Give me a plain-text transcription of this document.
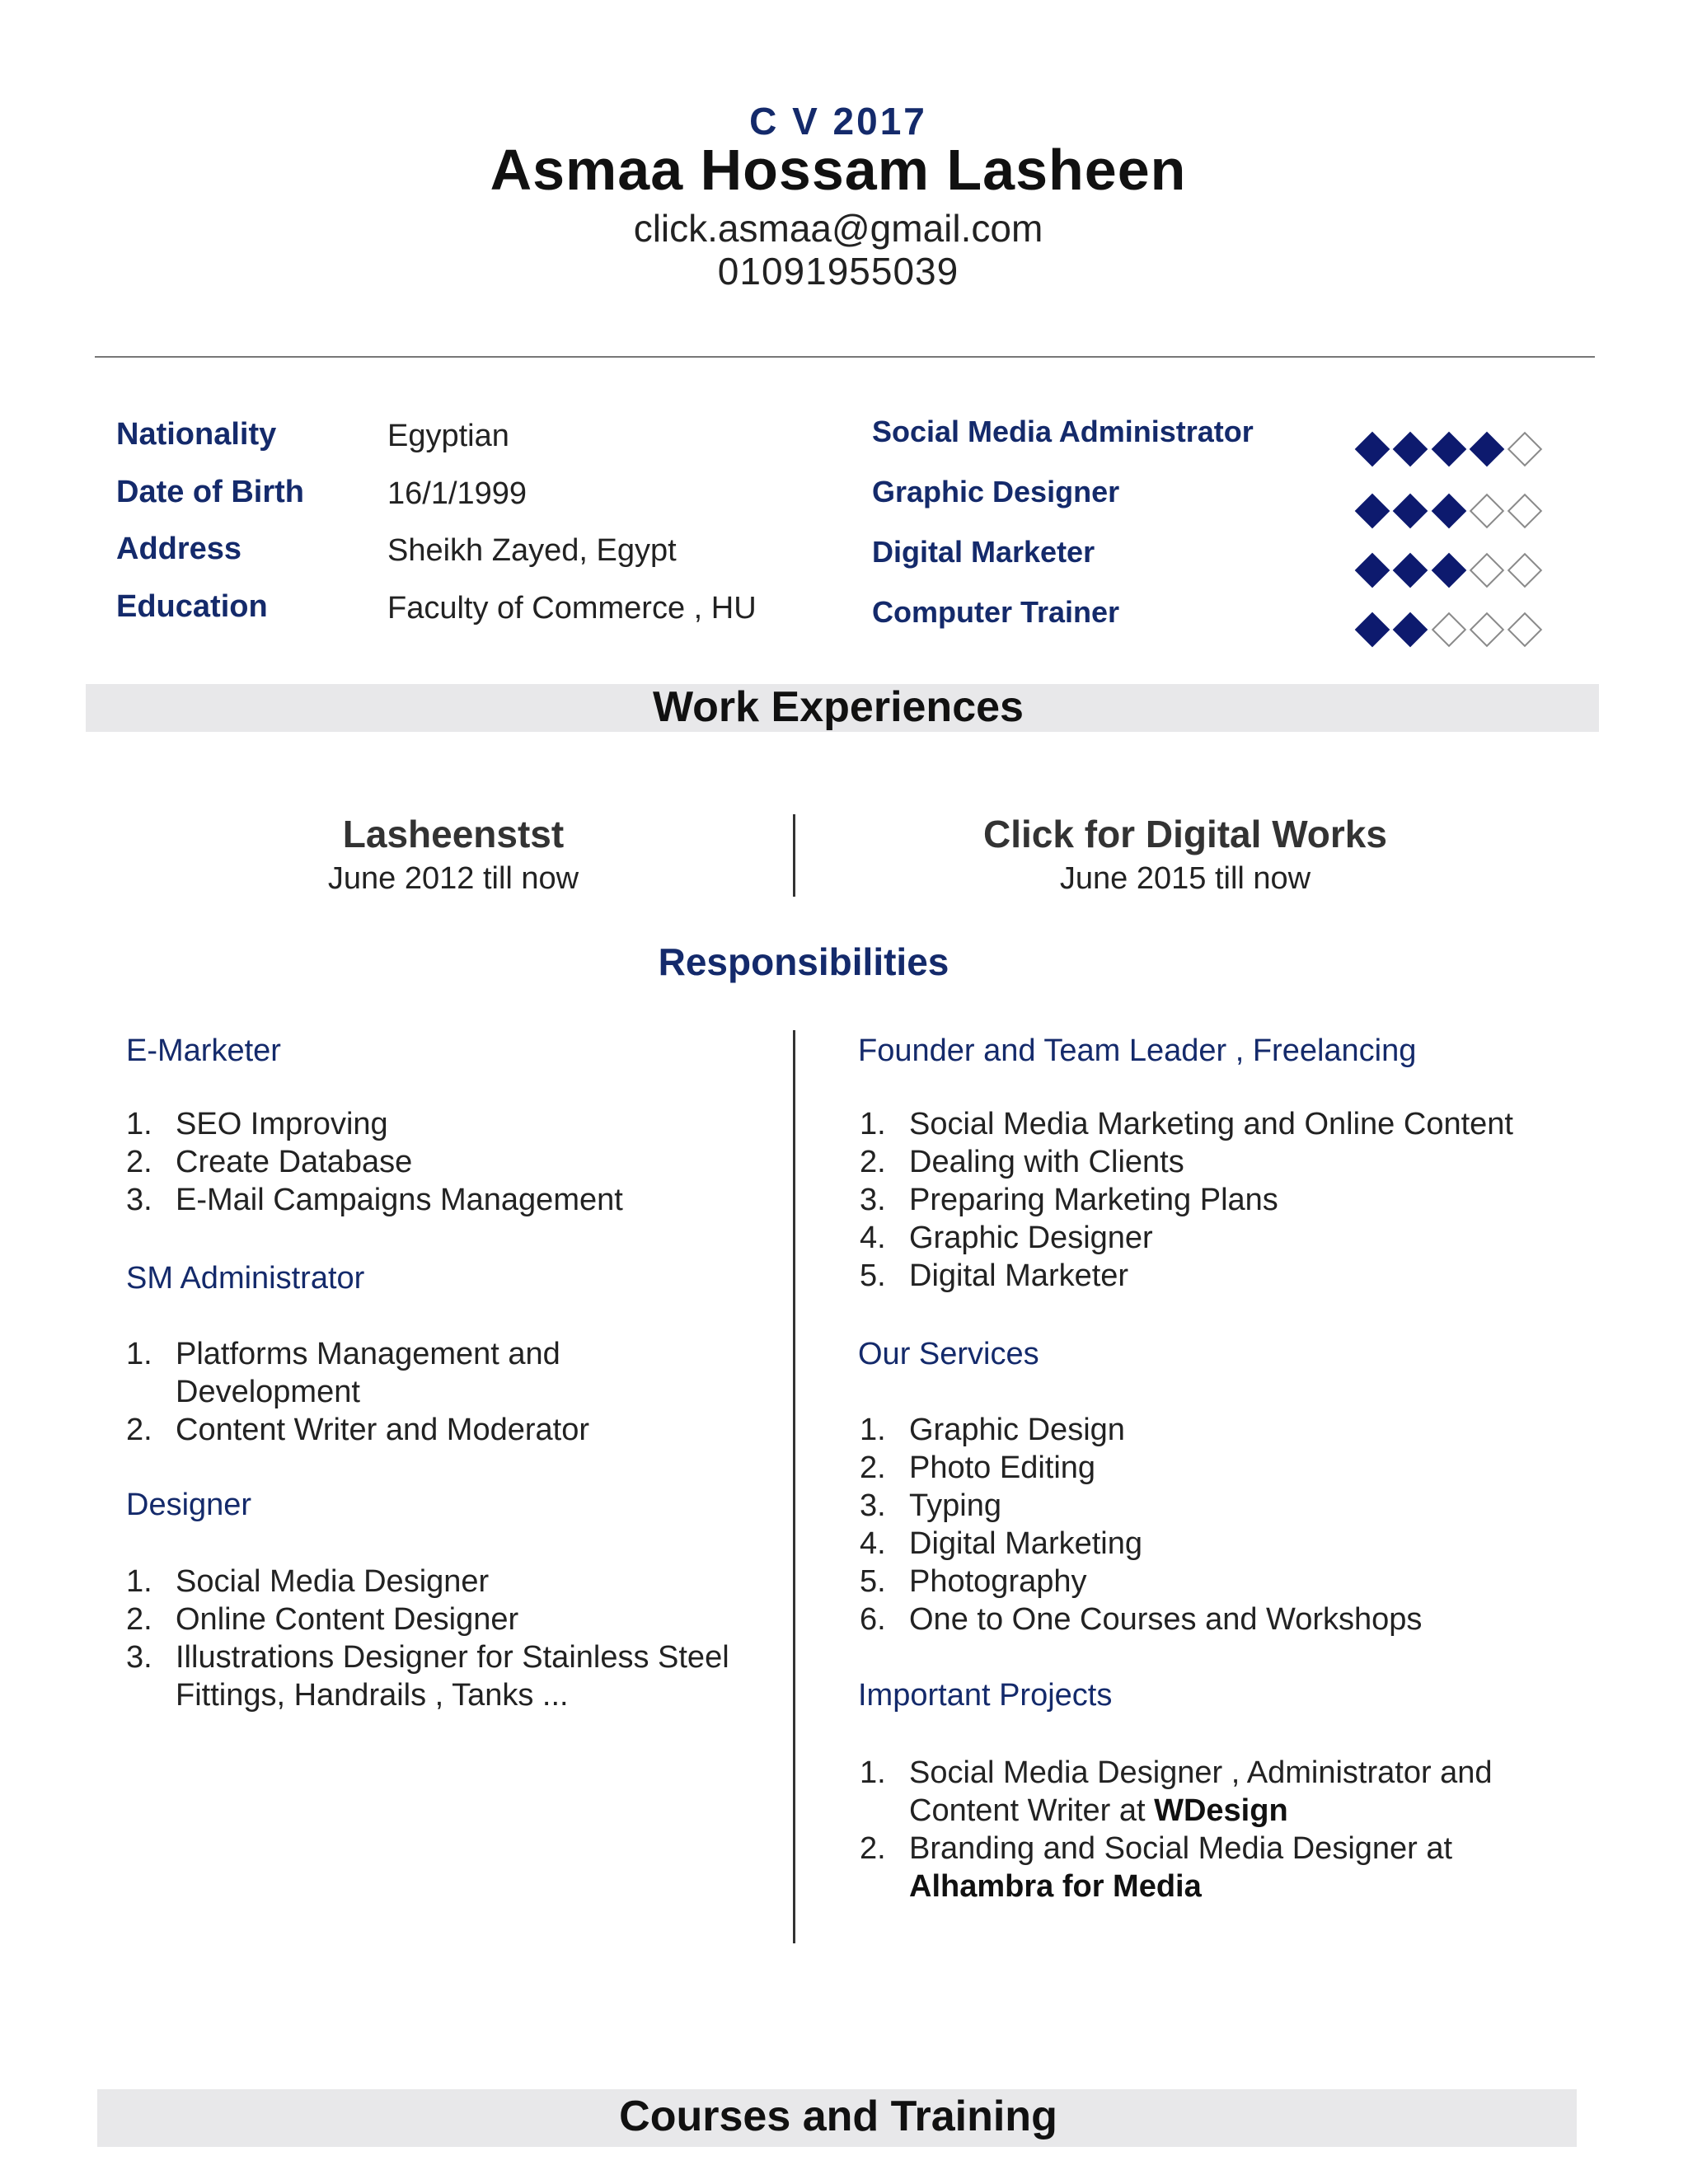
C V 2017
Asmaa Hossam Lasheen
click.asmaa@gmail.com
01091955039
Nationality	Egyptian
Date of Birth	16/1/1999
Address	Sheikh Zayed, Egypt
Education	Faculty of Commerce , HU
Social Media Administrator
Graphic Designer
Digital Marketer
Computer Trainer
Work Experiences
Lasheenstst
June 2012 till now
Click for Digital Works
June 2015 till now
Responsibilities
E-Marketer
1. SEO Improving
2. Create Database
3. E-Mail Campaigns Management
SM Administrator
1. Platforms Management and Development
2. Content Writer and Moderator
Designer
1. Social Media Designer
2. Online Content Designer
3. Illustrations Designer for Stainless Steel Fittings, Handrails , Tanks ...
Founder and Team Leader , Freelancing
1. Social Media Marketing and Online Content
2. Dealing with Clients
3. Preparing Marketing Plans
4. Graphic Designer
5. Digital Marketer
Our Services
1. Graphic Design
2. Photo Editing
3. Typing
4. Digital Marketing
5. Photography
6. One to One Courses and Workshops
Important Projects
1. Social Media Designer , Administrator and Content Writer at WDesign
2. Branding and Social Media Designer at Alhambra for Media
Courses and Training
